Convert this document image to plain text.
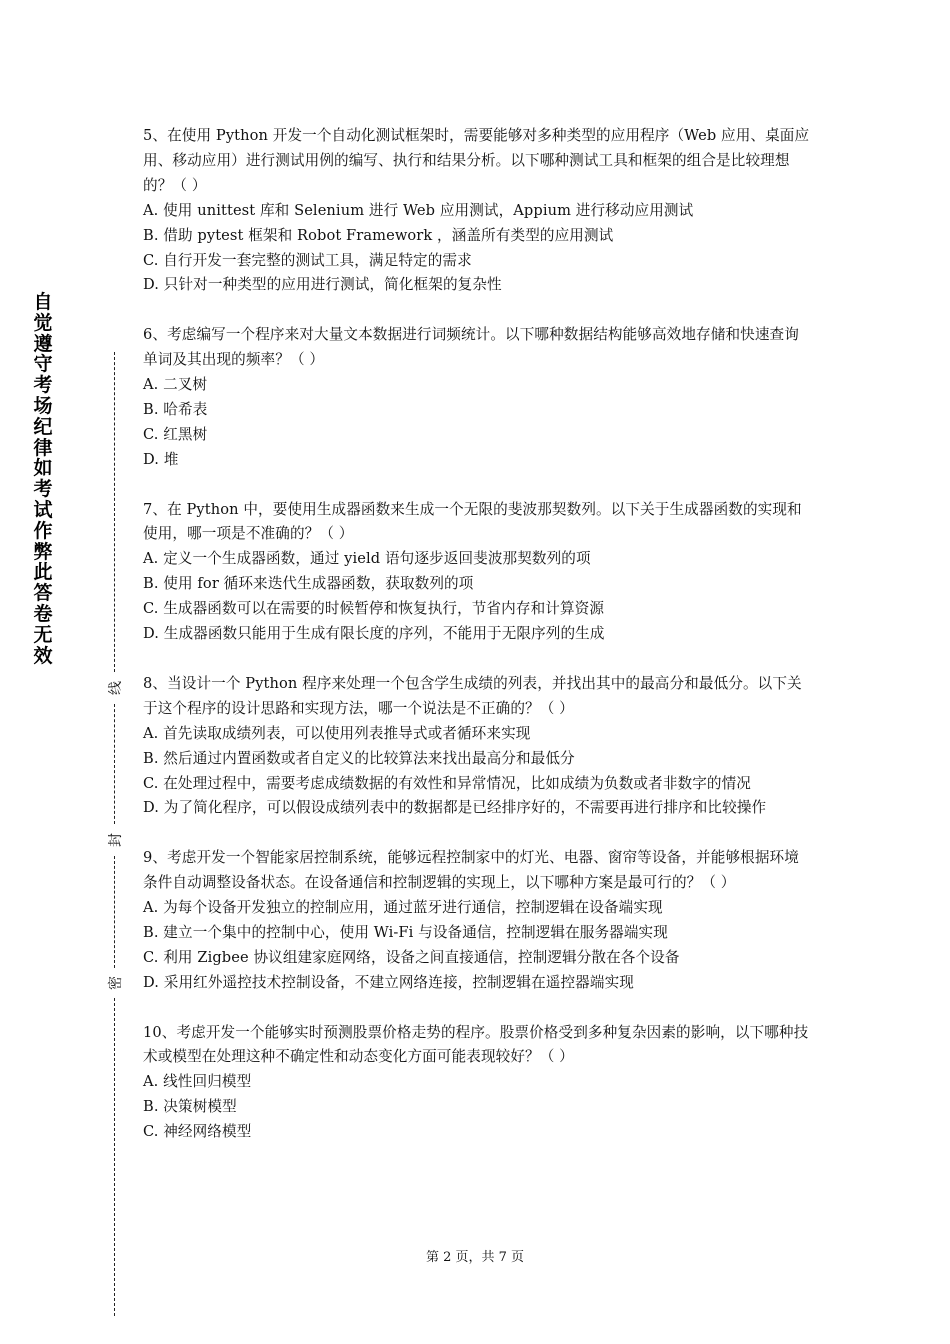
自觉遵守考场纪律如考试作弊此答卷无效
线
封
密

5、在使用 Python 开发一个自动化测试框架时，需要能够对多种类型的应用程序（Web 应用、桌面应用、移动应用）进行测试用例的编写、执行和结果分析。以下哪种测试工具和框架的组合是比较理想的？（ ）

A. 使用 unittest 库和 Selenium 进行 Web 应用测试，Appium 进行移动应用测试

B. 借助 pytest 框架和 Robot Framework ，涵盖所有类型的应用测试

C. 自行开发一套完整的测试工具，满足特定的需求

D. 只针对一种类型的应用进行测试，简化框架的复杂性

6、考虑编写一个程序来对大量文本数据进行词频统计。以下哪种数据结构能够高效地存储和快速查询单词及其出现的频率？（ ）

A. 二叉树

B. 哈希表

C. 红黑树

D. 堆

7、在 Python 中，要使用生成器函数来生成一个无限的斐波那契数列。以下关于生成器函数的实现和使用，哪一项是不准确的？（ ）

A. 定义一个生成器函数，通过 yield 语句逐步返回斐波那契数列的项

B. 使用 for 循环来迭代生成器函数，获取数列的项

C. 生成器函数可以在需要的时候暂停和恢复执行，节省内存和计算资源

D. 生成器函数只能用于生成有限长度的序列，不能用于无限序列的生成

8、当设计一个 Python 程序来处理一个包含学生成绩的列表，并找出其中的最高分和最低分。以下关于这个程序的设计思路和实现方法，哪一个说法是不正确的？（ ）

A. 首先读取成绩列表，可以使用列表推导式或者循环来实现

B. 然后通过内置函数或者自定义的比较算法来找出最高分和最低分

C. 在处理过程中，需要考虑成绩数据的有效性和异常情况，比如成绩为负数或者非数字的情况

D. 为了简化程序，可以假设成绩列表中的数据都是已经排序好的，不需要再进行排序和比较操作

9、考虑开发一个智能家居控制系统，能够远程控制家中的灯光、电器、窗帘等设备，并能够根据环境条件自动调整设备状态。在设备通信和控制逻辑的实现上，以下哪种方案是最可行的？（ ）

A. 为每个设备开发独立的控制应用，通过蓝牙进行通信，控制逻辑在设备端实现

B. 建立一个集中的控制中心，使用 Wi-Fi 与设备通信，控制逻辑在服务器端实现

C. 利用 Zigbee 协议组建家庭网络，设备之间直接通信，控制逻辑分散在各个设备

D. 采用红外遥控技术控制设备，不建立网络连接，控制逻辑在遥控器端实现

10、考虑开发一个能够实时预测股票价格走势的程序。股票价格受到多种复杂因素的影响，以下哪种技术或模型在处理这种不确定性和动态变化方面可能表现较好？（ ）

A. 线性回归模型

B. 决策树模型

C. 神经网络模型

第 2 页，共 7 页
